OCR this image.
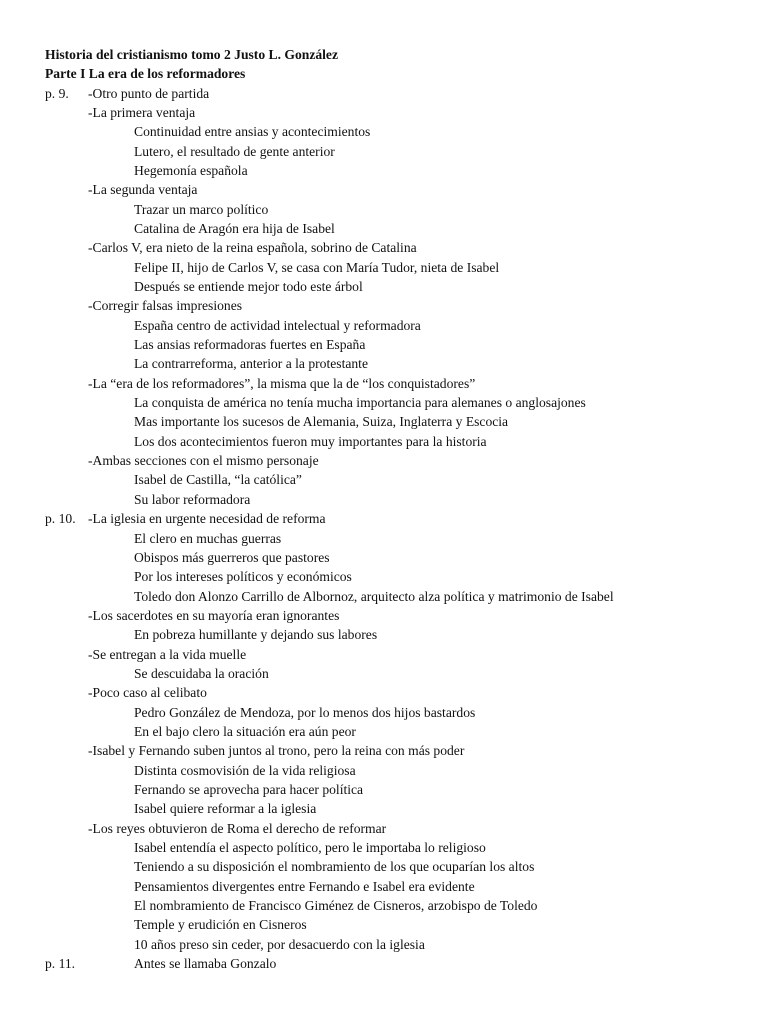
Historia del cristianismo tomo 2 Justo L. González
Parte I La era de los reformadores
p. 9. -Otro punto de partida
-La primera ventaja
Continuidad entre ansias y acontecimientos
Lutero, el resultado de gente anterior
Hegemonía española
-La segunda ventaja
Trazar un marco político
Catalina de Aragón era hija de Isabel
-Carlos V, era nieto de la reina española, sobrino de Catalina
Felipe II, hijo de Carlos V, se casa con María Tudor, nieta de Isabel
Después se entiende mejor todo este árbol
-Corregir falsas impresiones
España centro de actividad intelectual y reformadora
Las ansias reformadoras fuertes en España
La contrarreforma, anterior a la protestante
-La “era de los reformadores”, la misma que la de “los conquistadores”
La conquista de américa no tenía mucha importancia para alemanes o anglosajones
Mas importante los sucesos de Alemania, Suiza, Inglaterra y Escocia
Los dos acontecimientos fueron muy importantes para la historia
-Ambas secciones con el mismo personaje
Isabel de Castilla, “la católica”
Su labor reformadora
p. 10. -La iglesia en urgente necesidad de reforma
El clero en muchas guerras
Obispos más guerreros que pastores
Por los intereses políticos y económicos
Toledo don Alonzo Carrillo de Albornoz, arquitecto alza política y matrimonio de Isabel
-Los sacerdotes en su mayoría eran ignorantes
En pobreza humillante y dejando sus labores
-Se entregan a la vida muelle
Se descuidaba la oración
-Poco caso al celibato
Pedro González de Mendoza, por lo menos dos hijos bastardos
En el bajo clero la situación era aún peor
-Isabel y Fernando suben juntos al trono, pero la reina con más poder
Distinta cosmovisión de la vida religiosa
Fernando se aprovecha para hacer política
Isabel quiere reformar a la iglesia
-Los reyes obtuvieron de Roma el derecho de reformar
Isabel entendía el aspecto político, pero le importaba lo religioso
Teniendo a su disposición el nombramiento de los que ocuparían los altos
Pensamientos divergentes entre Fernando e Isabel era evidente
El nombramiento de Francisco Giménez de Cisneros, arzobispo de Toledo
Temple y erudición en Cisneros
10 años preso sin ceder, por desacuerdo con la iglesia
p. 11.	Antes se llamaba Gonzalo
